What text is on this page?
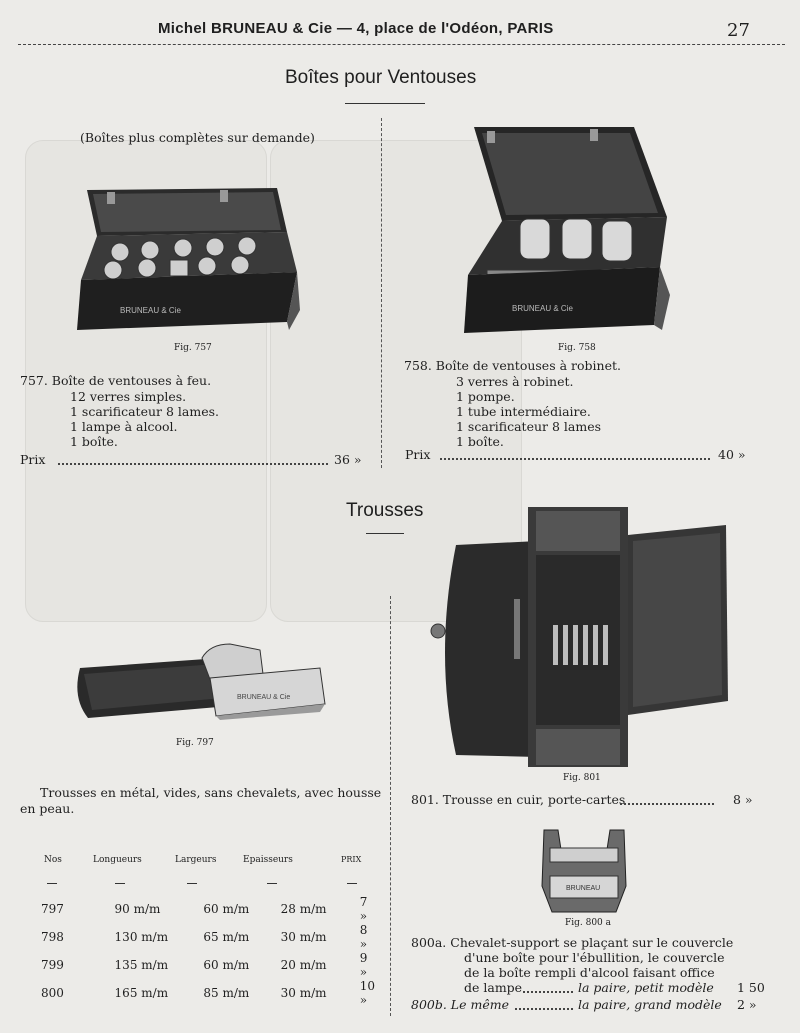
Michel BRUNEAU & Cie — 4, place de l'Odéon, PARIS	27
Boîtes pour Ventouses
(Boîtes plus complètes sur demande)
BRUNEAU & Cie
Fig. 757
BRUNEAU & Cie
Fig. 758
757. Boîte de ventouses à feu.
12 verres simples.
1 scarificateur 8 lames.
1 lampe à alcool.
1 boîte.
Prix	36 »
758. Boîte de ventouses à robinet.
3 verres à robinet.
1 pompe.
1 tube intermédiaire.
1 scarificateur 8 lames
1 boîte.
Prix	40 »
Trousses
BRUNEAU & Cie
Fig. 797
Trousses en métal, vides, sans chevalets, avec housse
en peau.
Nos	Longueurs	Largeurs	Epaisseurs	PRIX
797	90 m/m	60 m/m	28 m/m	7 »
798	130 m/m	65 m/m	30 m/m	8 »
799	135 m/m	60 m/m	20 m/m	9 »
800	165 m/m	85 m/m	30 m/m	10 »
Fig. 801
801. Trousse en cuir, porte-cartes	8 »
BRUNEAU
Fig. 800 a
800a. Chevalet-support se plaçant sur le couvercle
d'une boîte pour l'ébullition, le couvercle
de la boîte rempli d'alcool faisant office
de lampe	la paire, petit modèle 1 50
800b. Le même	la paire, grand modèle 2 »
